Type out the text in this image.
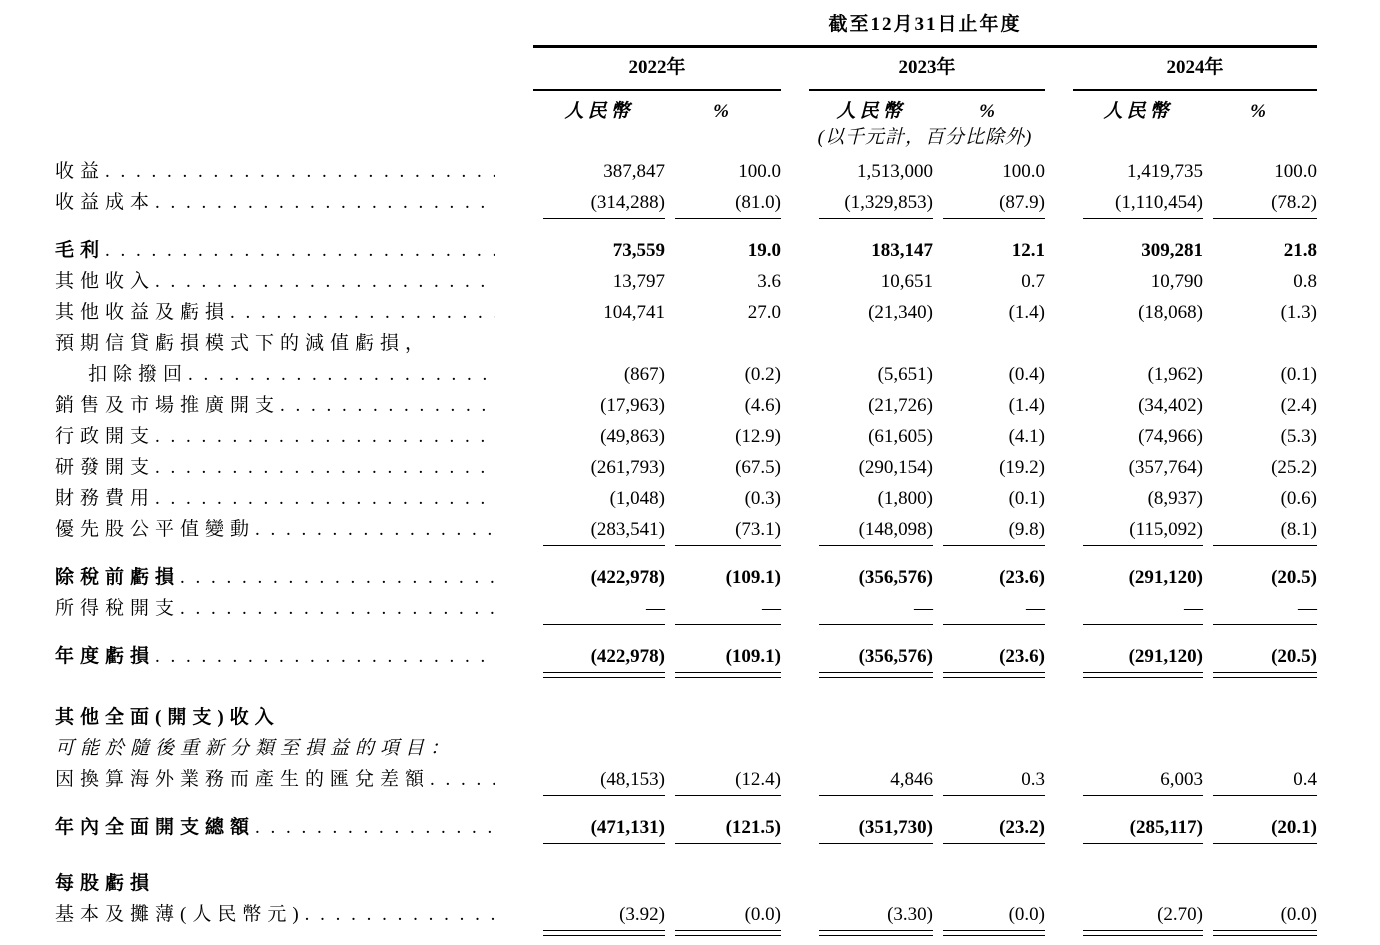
	截至12月31日止年度							
	2022年			2023年			2024年	
	人民幣	%		人民幣	%		人民幣	%
	(以千元計，百分比除外)							

收益
. . .	387,847	100.0		1,513,000	100.0		1,419,735	100.0

收益成本
. . .	(314,288)	(81.0)		(1,329,853)	(87.9)		(1,110,454)	(78.2)

毛利
. . .	73,559	19.0		183,147	12.1		309,281	21.8

其他收入
. . .	13,797	3.6		10,651	0.7		10,790	0.8

其他收益及虧損
. . .	104,741	27.0		(21,340)	(1.4)		(18,068)	(1.3)

預期信貸虧損模式下的減值虧損，								

扣除撥回
. . .	(867)	(0.2)		(5,651)	(0.4)		(1,962)	(0.1)

銷售及市場推廣開支
. . .	(17,963)	(4.6)		(21,726)	(1.4)		(34,402)	(2.4)

行政開支
. . .	(49,863)	(12.9)		(61,605)	(4.1)		(74,966)	(5.3)

研發開支
. . .	(261,793)	(67.5)		(290,154)	(19.2)		(357,764)	(25.2)

財務費用
. . .	(1,048)	(0.3)		(1,800)	(0.1)		(8,937)	(0.6)

優先股公平值變動
. . .	(283,541)	(73.1)		(148,098)	(9.8)		(115,092)	(8.1)

除稅前虧損
. . .	(422,978)	(109.1)		(356,576)	(23.6)		(291,120)	(20.5)

所得稅開支
. . .	—	—		—	—		—	—

年度虧損
. . .	(422,978)	(109.1)		(356,576)	(23.6)		(291,120)	(20.5)

其他全面(開支)收入								

可能於隨後重新分類至損益的項目：								

因換算海外業務而產生的匯兌差額
. . .	(48,153)	(12.4)		4,846	0.3		6,003	0.4

年內全面開支總額
. . .	(471,131)	(121.5)		(351,730)	(23.2)		(285,117)	(20.1)

每股虧損								

基本及攤薄(人民幣元)
. . .	(3.92)	(0.0)		(3.30)	(0.0)		(2.70)	(0.0)
